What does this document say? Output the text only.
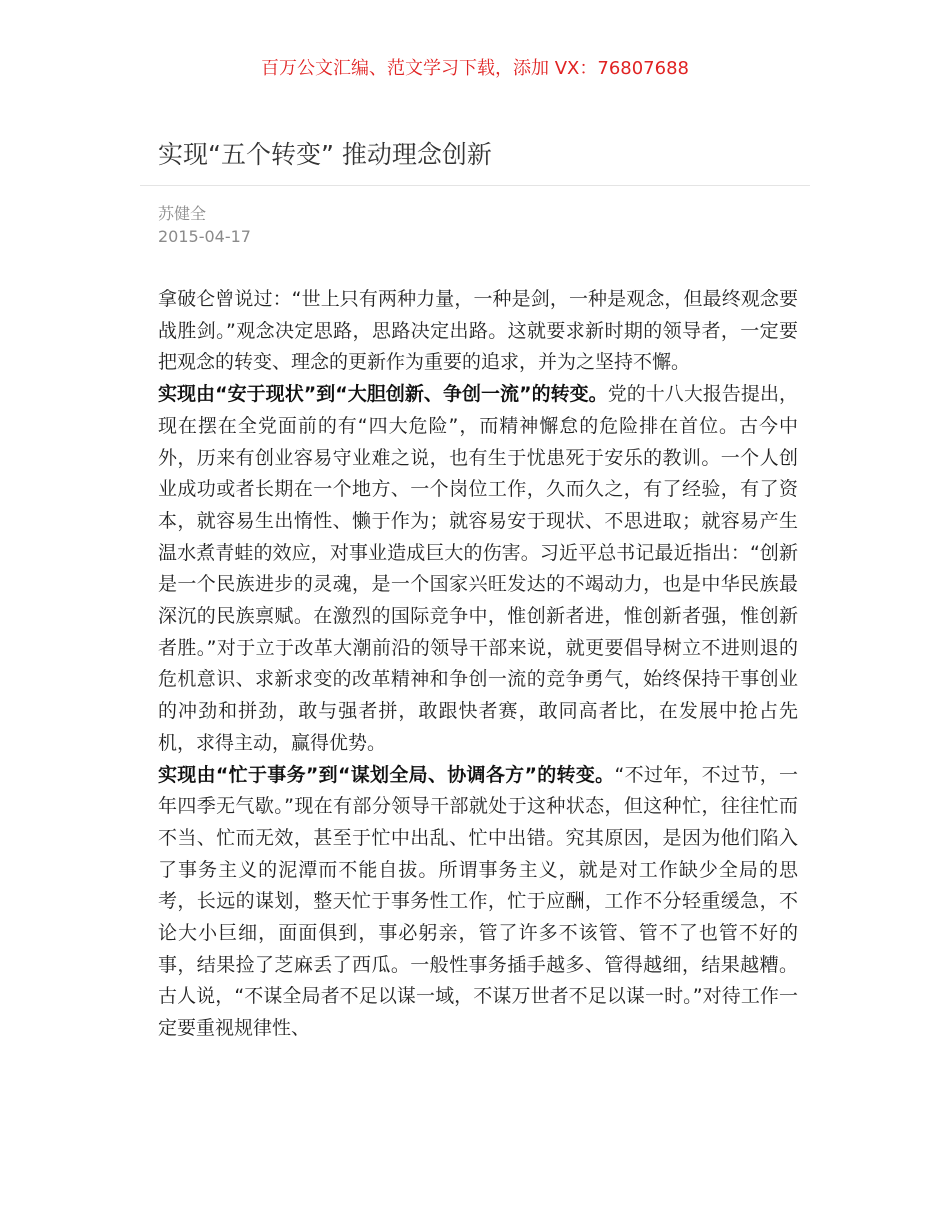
百万公文汇编、范文学习下载，添加 VX：76807688
实现“五个转变” 推动理念创新
苏健全
2015-04-17

拿破仑曾说过：“世上只有两种力量，一种是剑，一种是观念，但最终观念要战胜剑。”观念决定思路，思路决定出路。这就要求新时期的领导者，一定要把观念的转变、理念的更新作为重要的追求，并为之坚持不懈。

实现由“安于现状”到“大胆创新、争创一流”的转变。党的十八大报告提出，现在摆在全党面前的有“四大危险”，而精神懈怠的危险排在首位。古今中外，历来有创业容易守业难之说，也有生于忧患死于安乐的教训。一个人创业成功或者长期在一个地方、一个岗位工作，久而久之，有了经验，有了资本，就容易生出惰性、懒于作为；就容易安于现状、不思进取；就容易产生温水煮青蛙的效应，对事业造成巨大的伤害。习近平总书记最近指出：“创新是一个民族进步的灵魂，是一个国家兴旺发达的不竭动力，也是中华民族最深沉的民族禀赋。在激烈的国际竞争中，惟创新者进，惟创新者强，惟创新者胜。”对于立于改革大潮前沿的领导干部来说，就更要倡导树立不进则退的危机意识、求新求变的改革精神和争创一流的竞争勇气，始终保持干事创业的冲劲和拼劲，敢与强者拼，敢跟快者赛，敢同高者比，在发展中抢占先机，求得主动，赢得优势。

实现由“忙于事务”到“谋划全局、协调各方”的转变。“不过年，不过节，一年四季无气歇。”现在有部分领导干部就处于这种状态，但这种忙，往往忙而不当、忙而无效，甚至于忙中出乱、忙中出错。究其原因，是因为他们陷入了事务主义的泥潭而不能自拔。所谓事务主义，就是对工作缺少全局的思考，长远的谋划，整天忙于事务性工作，忙于应酬，工作不分轻重缓急，不论大小巨细，面面俱到，事必躬亲，管了许多不该管、管不了也管不好的事，结果捡了芝麻丢了西瓜。一般性事务插手越多、管得越细，结果越糟。古人说，“不谋全局者不足以谋一域，不谋万世者不足以谋一时。”对待工作一定要重视规律性、
